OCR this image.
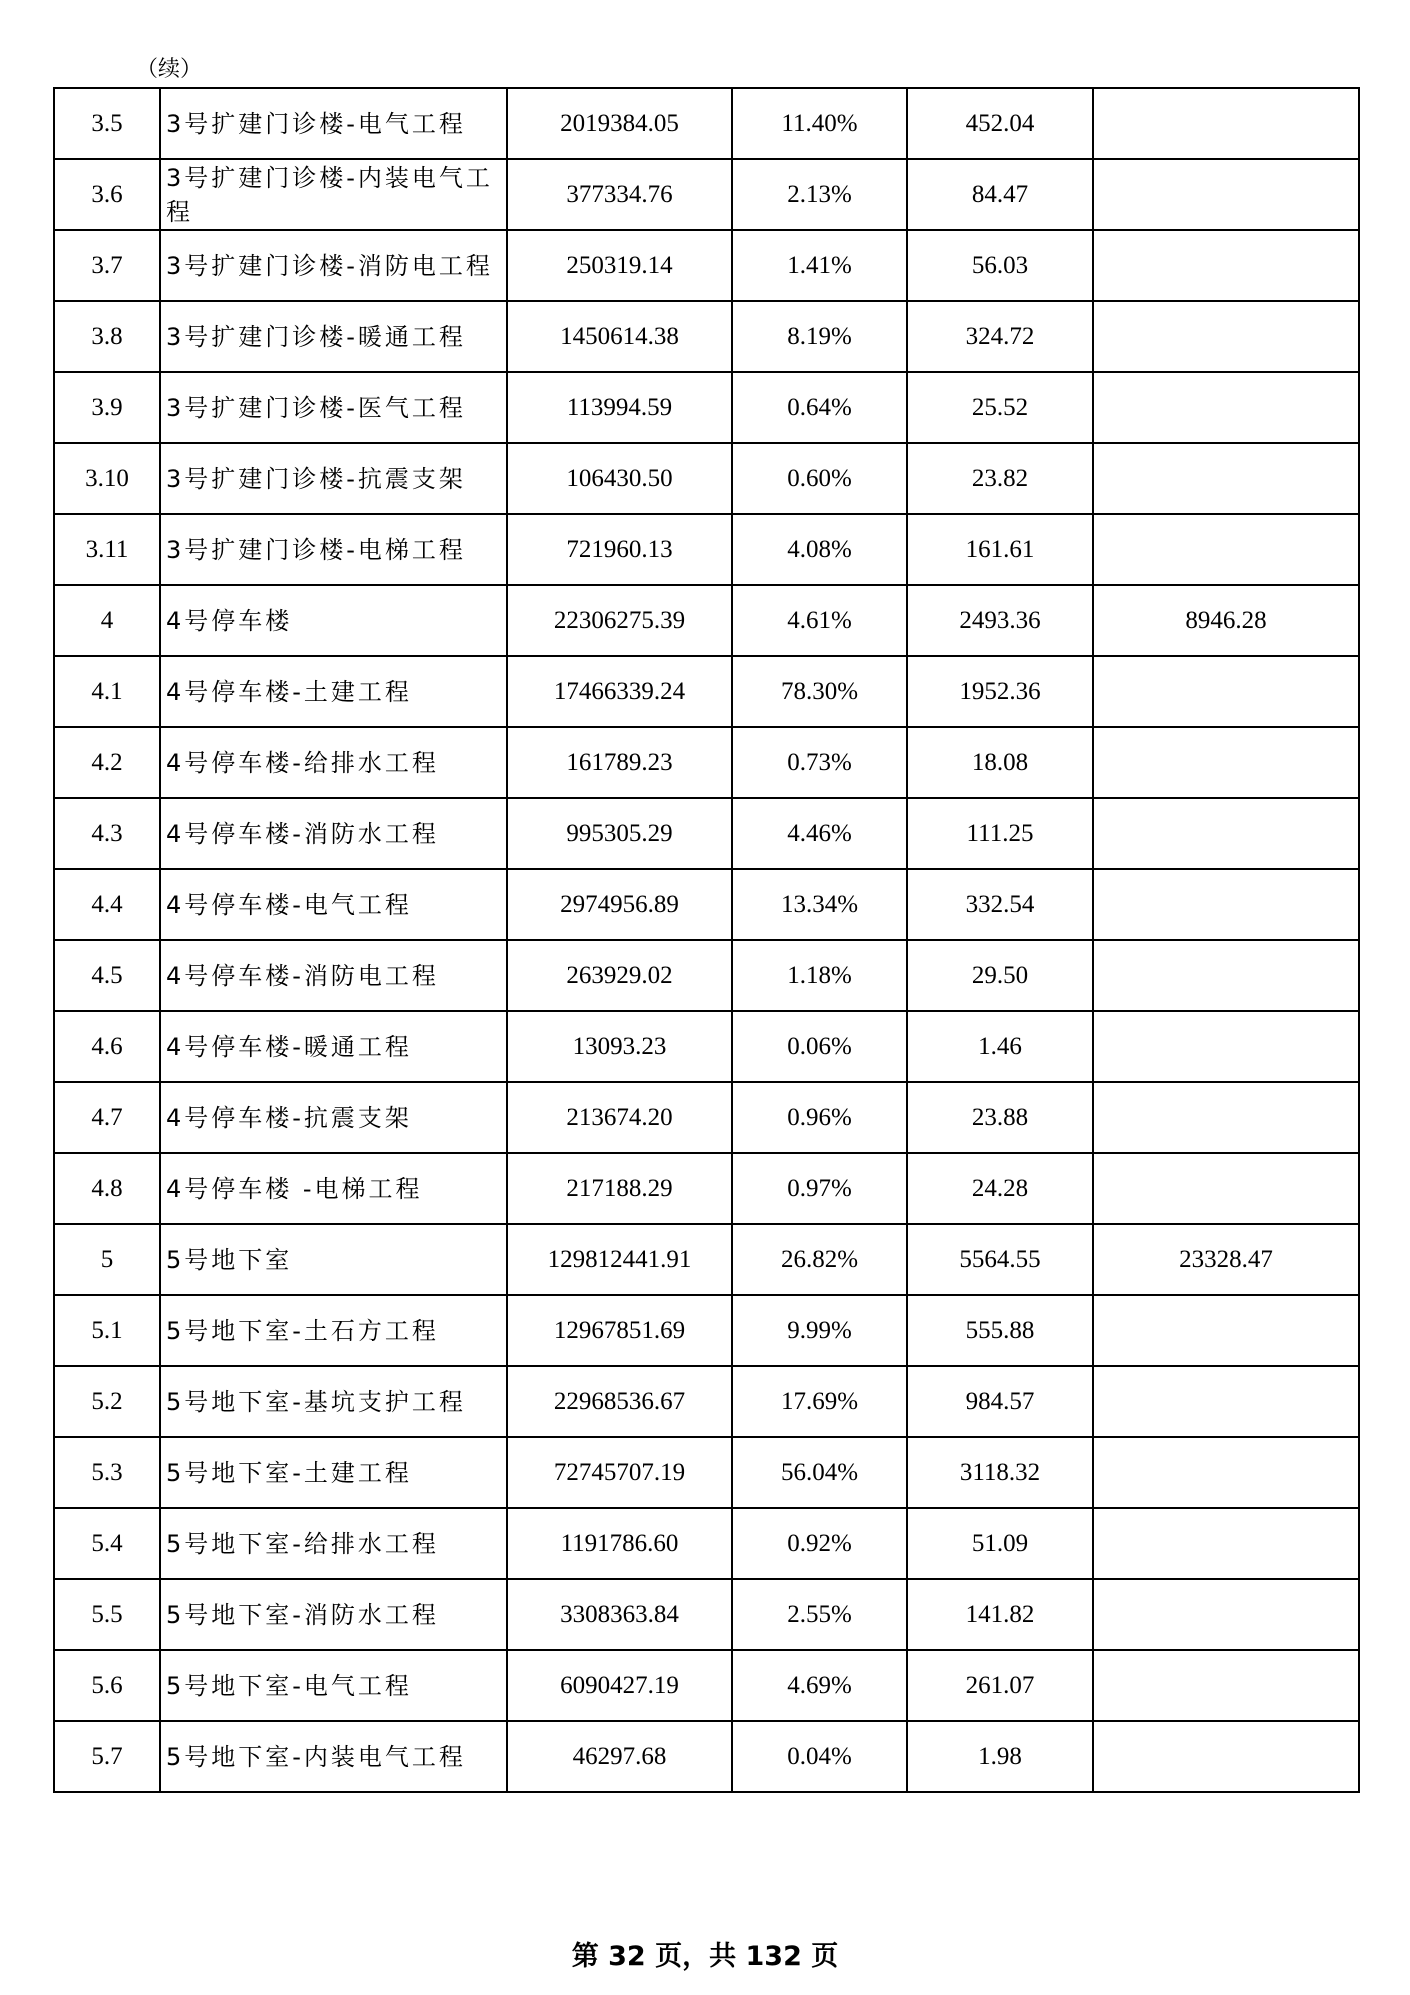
（续）
3.5	3号扩建门诊楼-电气工程	2019384.05	11.40%	452.04	
3.6	3号扩建门诊楼-内装电气工程	377334.76	2.13%	84.47	
3.7	3号扩建门诊楼-消防电工程	250319.14	1.41%	56.03	
3.8	3号扩建门诊楼-暖通工程	1450614.38	8.19%	324.72	
3.9	3号扩建门诊楼-医气工程	113994.59	0.64%	25.52	
3.10	3号扩建门诊楼-抗震支架	106430.50	0.60%	23.82	
3.11	3号扩建门诊楼-电梯工程	721960.13	4.08%	161.61	
4	4号停车楼	22306275.39	4.61%	2493.36	8946.28
4.1	4号停车楼-土建工程	17466339.24	78.30%	1952.36	
4.2	4号停车楼-给排水工程	161789.23	0.73%	18.08	
4.3	4号停车楼-消防水工程	995305.29	4.46%	111.25	
4.4	4号停车楼-电气工程	2974956.89	13.34%	332.54	
4.5	4号停车楼-消防电工程	263929.02	1.18%	29.50	
4.6	4号停车楼-暖通工程	13093.23	0.06%	1.46	
4.7	4号停车楼-抗震支架	213674.20	0.96%	23.88	
4.8	4号停车楼 -电梯工程	217188.29	0.97%	24.28	
5	5号地下室	129812441.91	26.82%	5564.55	23328.47
5.1	5号地下室-土石方工程	12967851.69	9.99%	555.88	
5.2	5号地下室-基坑支护工程	22968536.67	17.69%	984.57	
5.3	5号地下室-土建工程	72745707.19	56.04%	3118.32	
5.4	5号地下室-给排水工程	1191786.60	0.92%	51.09	
5.5	5号地下室-消防水工程	3308363.84	2.55%	141.82	
5.6	5号地下室-电气工程	6090427.19	4.69%	261.07	
5.7	5号地下室-内装电气工程	46297.68	0.04%	1.98	
第 32 页，共 132 页
